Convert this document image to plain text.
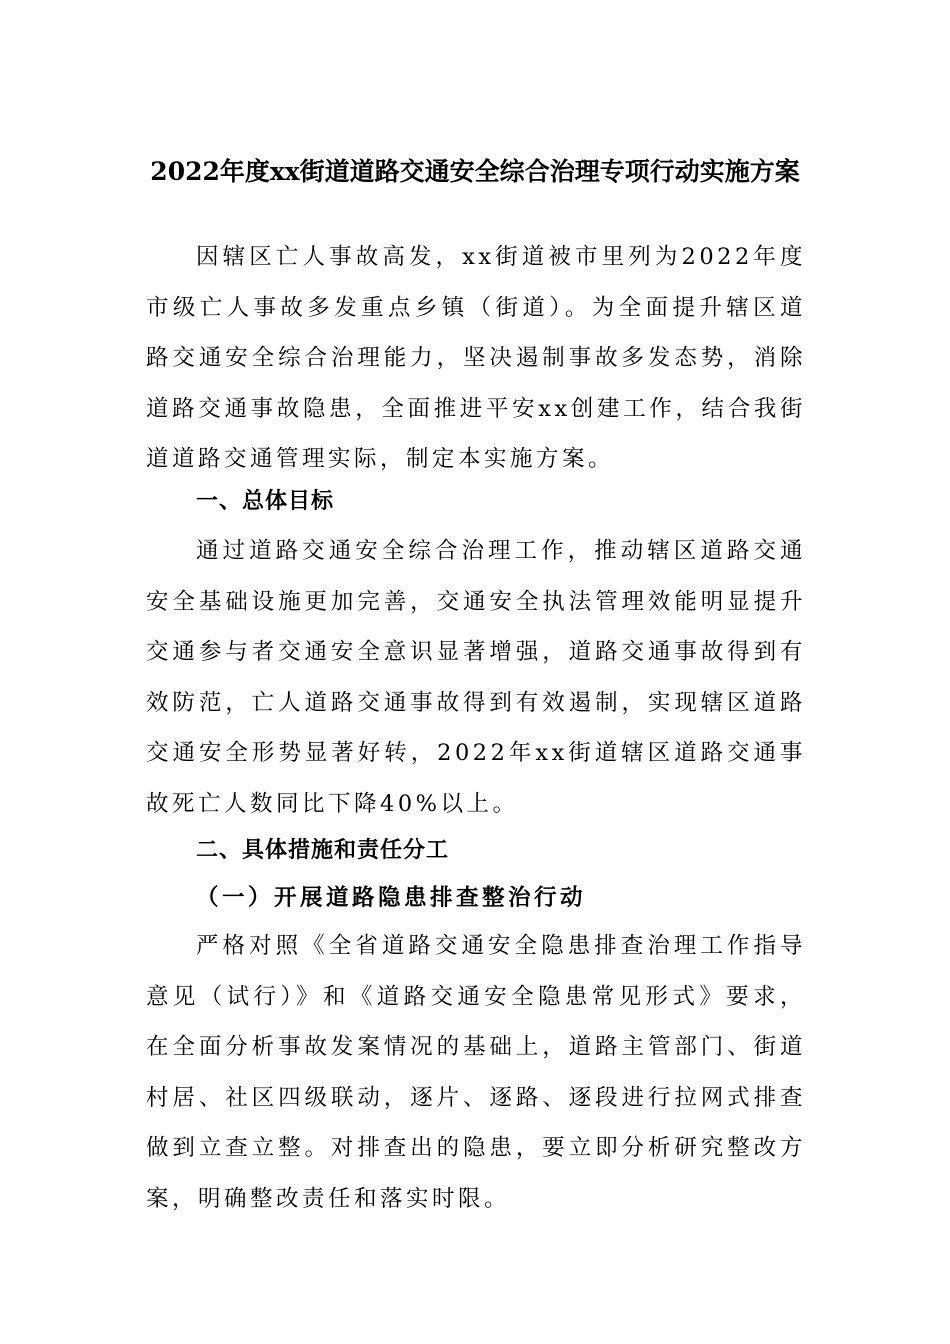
2022年度xx街道道路交通安全综合治理专项行动实施方案

因辖区亡人事故高发，xx街道被市里列为2022年度市级亡人事故多发重点乡镇（街道）。为全面提升辖区道路交通安全综合治理能力，坚决遏制事故多发态势，消除道路交通事故隐患，全面推进平安xx创建工作，结合我街道道路交通管理实际，制定本实施方案。

一、总体目标

通过道路交通安全综合治理工作，推动辖区道路交通安全基础设施更加完善，交通安全执法管理效能明显提升交通参与者交通安全意识显著增强，道路交通事故得到有效防范，亡人道路交通事故得到有效遏制，实现辖区道路交通安全形势显著好转，2022年xx街道辖区道路交通事故死亡人数同比下降40%以上。

二、具体措施和责任分工
（一）开展道路隐患排查整治行动

严格对照《全省道路交通安全隐患排查治理工作指导意见（试行）》和《道路交通安全隐患常见形式》要求，在全面分析事故发案情况的基础上，道路主管部门、街道村居、社区四级联动，逐片、逐路、逐段进行拉网式排查做到立查立整。对排查出的隐患，要立即分析研究整改方案，明确整改责任和落实时限。
